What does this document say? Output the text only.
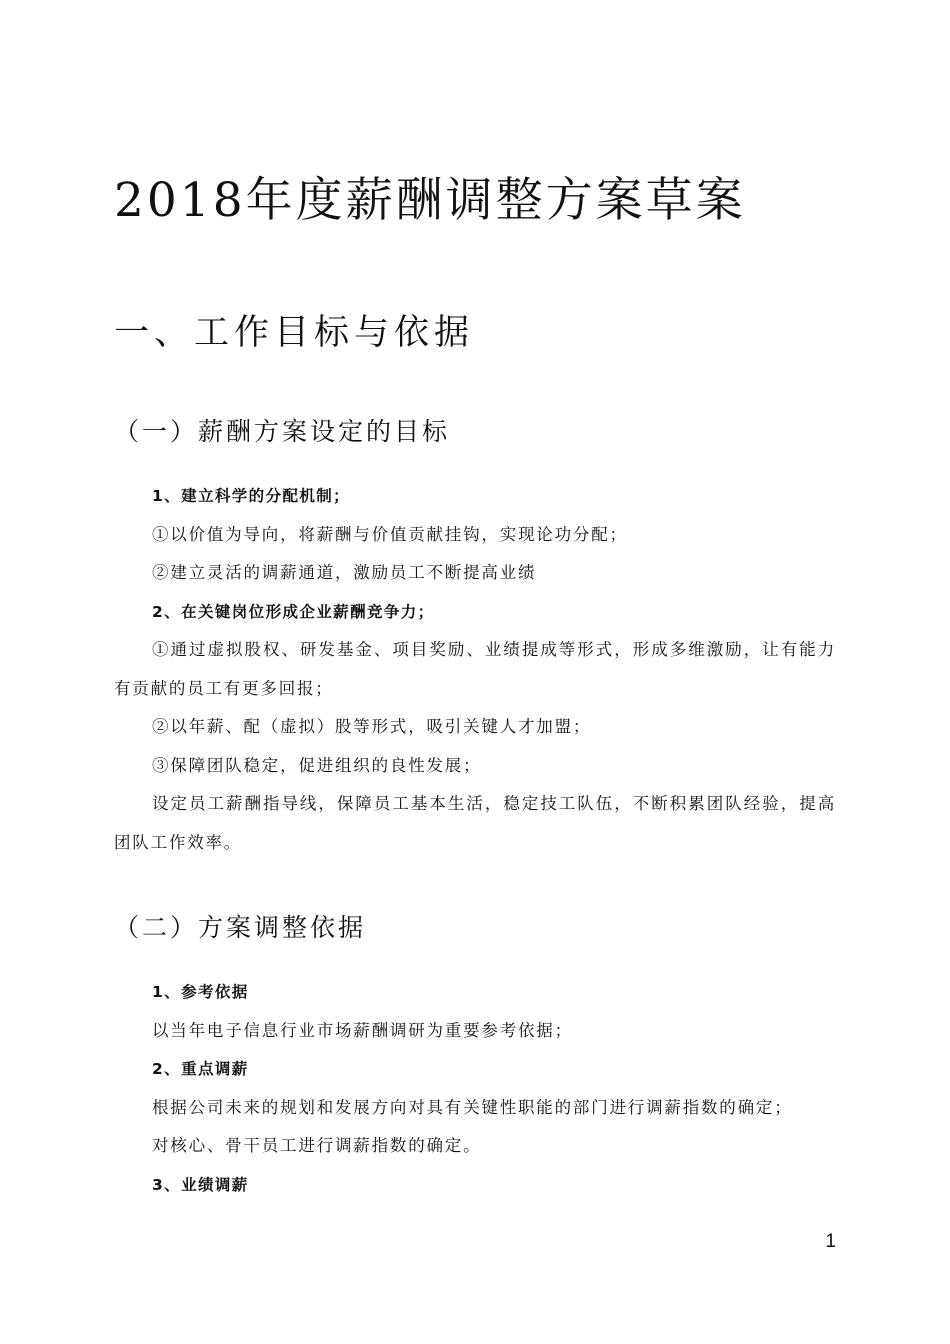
2018年度薪酬调整方案草案
一、工作目标与依据
（一）薪酬方案设定的目标

1、建立科学的分配机制；

①以价值为导向，将薪酬与价值贡献挂钩，实现论功分配；

②建立灵活的调薪通道，激励员工不断提高业绩

2、在关键岗位形成企业薪酬竞争力；

①通过虚拟股权、研发基金、项目奖励、业绩提成等形式，形成多维激励，让有能力有贡献的员工有更多回报；

②以年薪、配（虚拟）股等形式，吸引关键人才加盟；

③保障团队稳定，促进组织的良性发展；

设定员工薪酬指导线，保障员工基本生活，稳定技工队伍，不断积累团队经验，提高团队工作效率。

（二）方案调整依据

1、参考依据

以当年电子信息行业市场薪酬调研为重要参考依据；

2、重点调薪

根据公司未来的规划和发展方向对具有关键性职能的部门进行调薪指数的确定；

对核心、骨干员工进行调薪指数的确定。

3、业绩调薪

1
